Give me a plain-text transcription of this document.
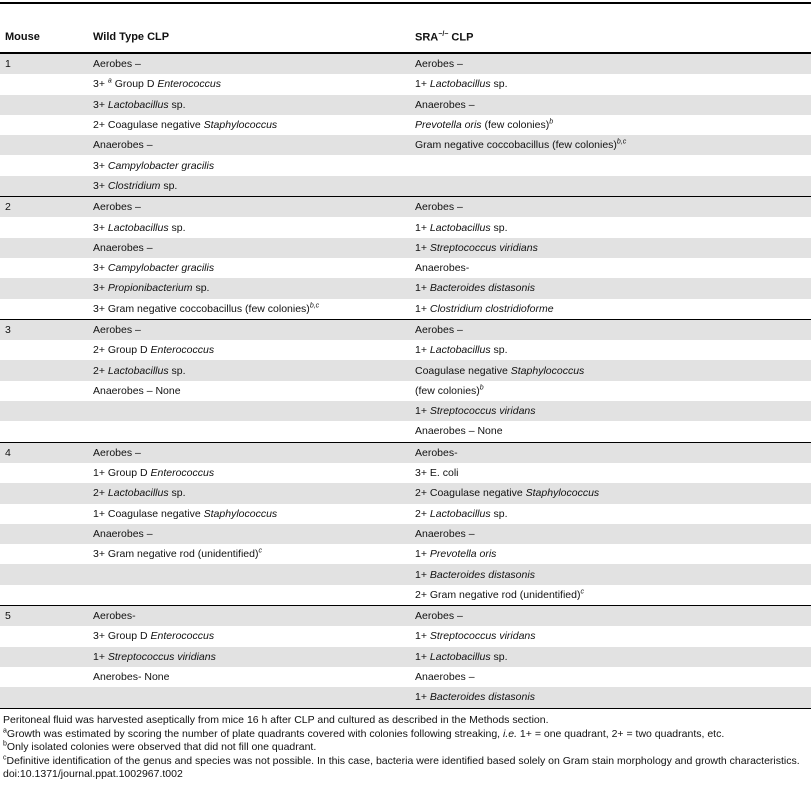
Mouse	Wild Type CLP	SRA−/− CLP
1	Aerobes –	Aerobes –
	3+ $^a$ Group D Enterococcus	1+ Lactobacillus sp.
	3+ Lactobacillus sp.	Anaerobes –
	2+ Coagulase negative Staphylococcus	Prevotella oris (few colonies)$^b$
	Anaerobes –	Gram negative coccobacillus (few colonies)$^{b,c}$
	3+ Campylobacter gracilis	
	3+ Clostridium sp.	
2	Aerobes –	Aerobes –
	3+ Lactobacillus sp.	1+ Lactobacillus sp.
	Anaerobes –	1+ Streptococcus viridians
	3+ Campylobacter gracilis	Anaerobes-
	3+ Propionibacterium sp.	1+ Bacteroides distasonis
	3+ Gram negative coccobacillus (few colonies)$^{b,c}$	1+ Clostridium clostridioforme
3	Aerobes –	Aerobes –
	2+ Group D Enterococcus	1+ Lactobacillus sp.
	2+ Lactobacillus sp.	Coagulase negative Staphylococcus
	Anaerobes – None	(few colonies)$^b$
		1+ Streptococcus viridans
		Anaerobes – None
4	Aerobes –	Aerobes-
	1+ Group D Enterococcus	3+ E. coli
	2+ Lactobacillus sp.	2+ Coagulase negative Staphylococcus
	1+ Coagulase negative Staphylococcus	2+ Lactobacillus sp.
	Anaerobes –	Anaerobes –
	3+ Gram negative rod (unidentified)$^c$	1+ Prevotella oris
		1+ Bacteroides distasonis
		2+ Gram negative rod (unidentified)$^c$
5	Aerobes-	Aerobes –
	3+ Group D Enterococcus	1+ Streptococcus viridans
	1+ Streptococcus viridians	1+ Lactobacillus sp.
	Anerobes- None	Anaerobes –
		1+ Bacteroides distasonis

Peritoneal fluid was harvested aseptically from mice 16 h after CLP and cultured as described in the Methods section.

$^a$Growth was estimated by scoring the number of plate quadrants covered with colonies following streaking, i.e. 1+ = one quadrant, 2+ = two quadrants, etc.

$^b$Only isolated colonies were observed that did not fill one quadrant.

$^c$Definitive identification of the genus and species was not possible. In this case, bacteria were identified based solely on Gram stain morphology and growth characteristics.

doi:10.1371/journal.ppat.1002967.t002
